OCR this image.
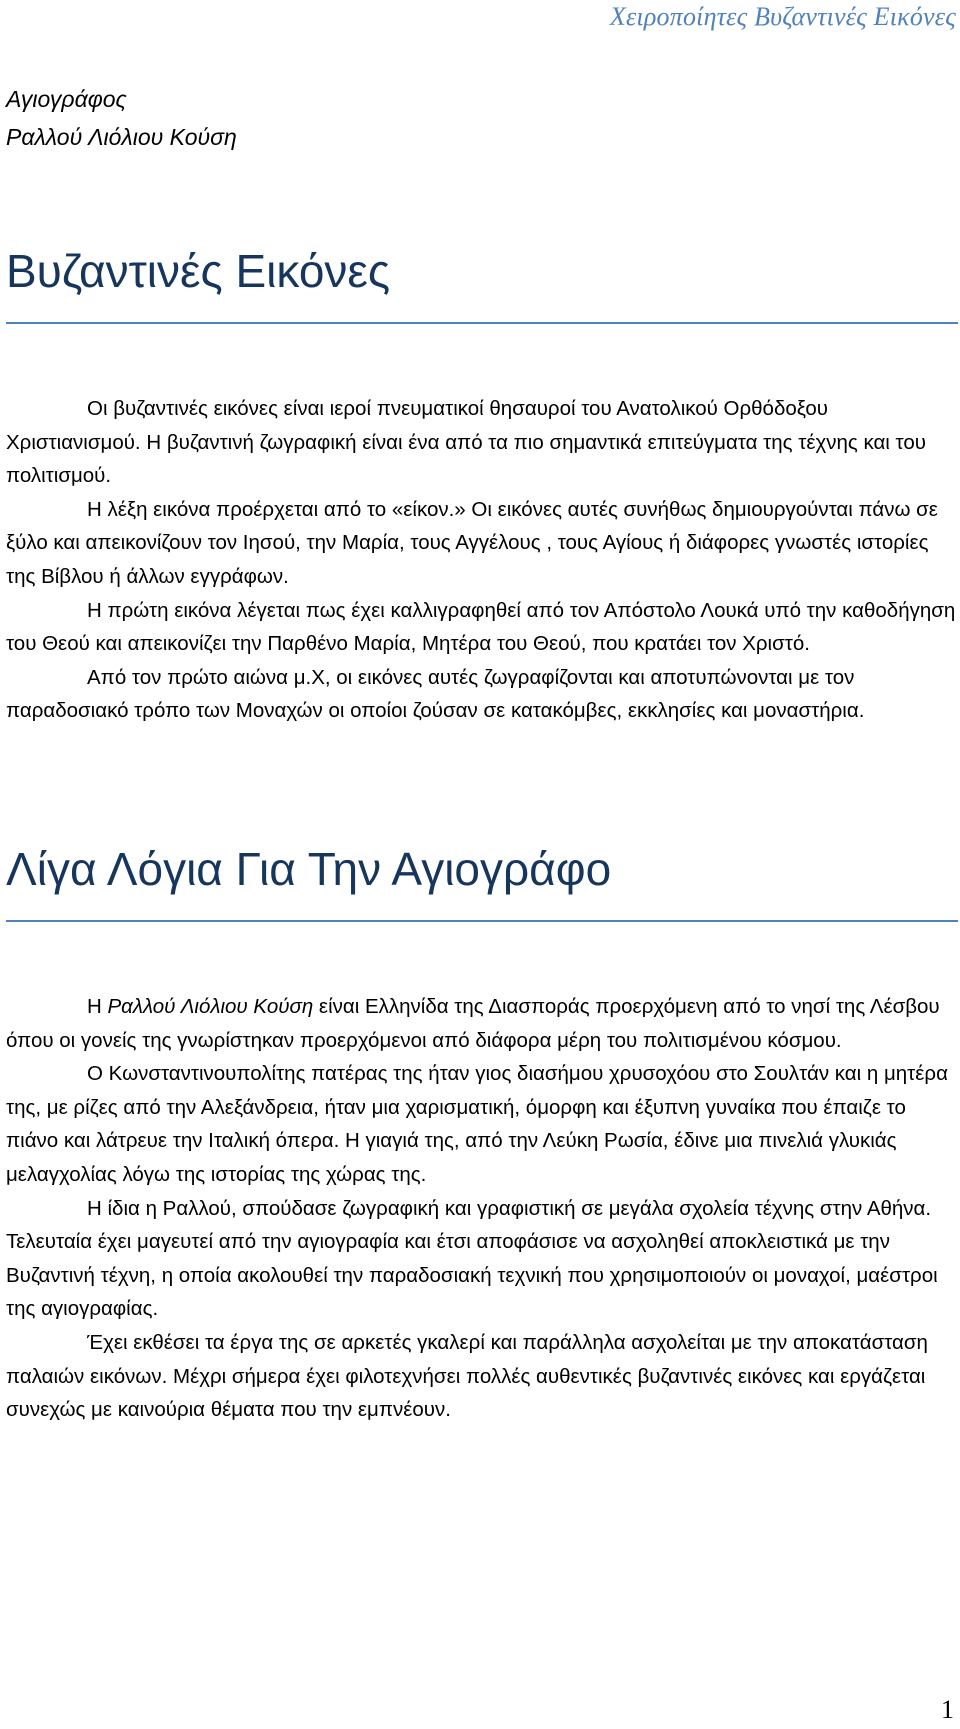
Χειροποίητες Βυζαντινές Εικόνες
Αγιογράφος
Ραλλού Λιόλιου Κούση
Βυζαντινές Εικόνες

Οι βυζαντινές εικόνες είναι ιεροί πνευματικοί θησαυροί του Ανατολικού Ορθόδοξου Χριστιανισμού. Η βυζαντινή ζωγραφική είναι ένα από τα πιο σημαντικά επιτεύγματα της τέχνης και του πολιτισμού.

Η λέξη εικόνα προέρχεται από το «είκον.» Οι εικόνες αυτές συνήθως δημιουργούνται πάνω σε ξύλο και απεικονίζουν τον Ιησού, την Μαρία, τους Αγγέλους , τους Αγίους ή διάφορες γνωστές ιστορίες της Βίβλου ή άλλων εγγράφων.

Η πρώτη εικόνα λέγεται πως έχει καλλιγραφηθεί από τον Απόστολο Λουκά υπό την καθοδήγηση του Θεού και απεικονίζει την Παρθένο Μαρία, Μητέρα του Θεού, που κρατάει τον Χριστό.

Από τον πρώτο αιώνα μ.Χ, οι εικόνες αυτές ζωγραφίζονται και αποτυπώνονται με τον παραδοσιακό τρόπο των Μοναχών οι οποίοι ζούσαν σε κατακόμβες, εκκλησίες και μοναστήρια.

Λίγα Λόγια Για Την Αγιογράφο

Η Ραλλού Λιόλιου Κούση είναι Ελληνίδα της Διασποράς προερχόμενη από το νησί της Λέσβου όπου οι γονείς της γνωρίστηκαν προερχόμενοι από διάφορα μέρη του πολιτισμένου κόσμου.

Ο Κωνσταντινουπολίτης πατέρας της ήταν γιος διασήμου χρυσοχόου στο Σουλτάν και η μητέρα της, με ρίζες από την Αλεξάνδρεια, ήταν μια χαρισματική, όμορφη και έξυπνη γυναίκα που έπαιζε το πιάνο και λάτρευε την Ιταλική όπερα. Η γιαγιά της, από την Λεύκη Ρωσία, έδινε μια πινελιά γλυκιάς μελαγχολίας λόγω της ιστορίας της χώρας της.

Η ίδια η Ραλλού, σπούδασε ζωγραφική και γραφιστική σε μεγάλα σχολεία τέχνης στην Αθήνα. Τελευταία έχει μαγευτεί από την αγιογραφία και έτσι αποφάσισε να ασχοληθεί αποκλειστικά με την Βυζαντινή τέχνη, η οποία ακολουθεί την παραδοσιακή τεχνική που χρησιμοποιούν οι μοναχοί, μαέστροι της αγιογραφίας.

Έχει εκθέσει τα έργα της σε αρκετές γκαλερί και παράλληλα ασχολείται με την αποκατάσταση παλαιών εικόνων. Μέχρι σήμερα έχει φιλοτεχνήσει πολλές αυθεντικές βυζαντινές εικόνες και εργάζεται συνεχώς με καινούρια θέματα που την εμπνέουν.

1
